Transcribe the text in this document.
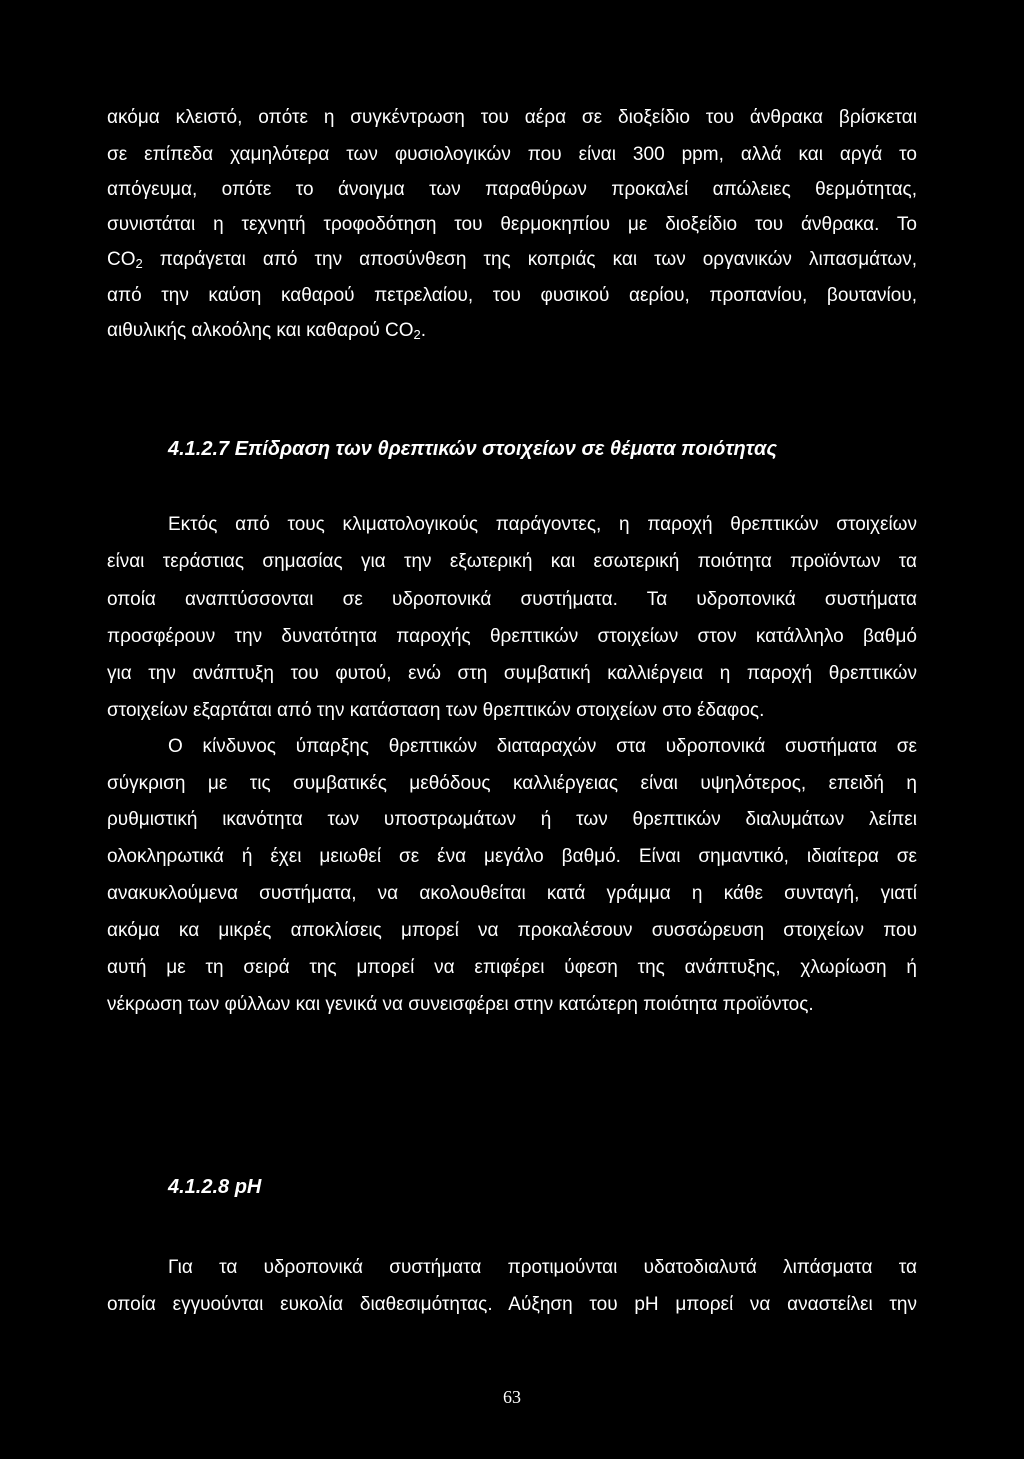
ακόμα κλειστό, οπότε η συγκέντρωση του αέρα σε διοξείδιο του άνθρακα βρίσκεται
σε επίπεδα χαμηλότερα των φυσιολογικών που είναι 300 ppm, αλλά και αργά το
απόγευμα, οπότε το άνοιγμα των παραθύρων προκαλεί απώλειες θερμότητας,
συνιστάται η τεχνητή τροφοδότηση του θερμοκηπίου με διοξείδιο του άνθρακα. Το
$CO_2$ παράγεται από την αποσύνθεση της κοπριάς και των οργανικών λιπασμάτων,
από την καύση καθαρού πετρελαίου, του φυσικού αερίου, προπανίου, βουτανίου,
αιθυλικής αλκοόλης και καθαρού $CO_2$.
4.1.2.7 Επίδραση των θρεπτικών στοιχείων σε θέματα ποιότητας
Εκτός από τους κλιματολογικούς παράγοντες, η παροχή θρεπτικών στοιχείων
είναι τεράστιας σημασίας για την εξωτερική και εσωτερική ποιότητα προϊόντων τα
οποία αναπτύσσονται σε υδροπονικά συστήματα. Τα υδροπονικά συστήματα
προσφέρουν την δυνατότητα παροχής θρεπτικών στοιχείων στον κατάλληλο βαθμό
για την ανάπτυξη του φυτού, ενώ στη συμβατική καλλιέργεια η παροχή θρεπτικών
στοιχείων εξαρτάται από την κατάσταση των θρεπτικών στοιχείων στο έδαφος.
Ο κίνδυνος ύπαρξης θρεπτικών διαταραχών στα υδροπονικά συστήματα σε
σύγκριση με τις συμβατικές μεθόδους καλλιέργειας είναι υψηλότερος, επειδή η
ρυθμιστική ικανότητα των υποστρωμάτων ή των θρεπτικών διαλυμάτων λείπει
ολοκληρωτικά ή έχει μειωθεί σε ένα μεγάλο βαθμό. Είναι σημαντικό, ιδιαίτερα σε
ανακυκλούμενα συστήματα, να ακολουθείται κατά γράμμα η κάθε συνταγή, γιατί
ακόμα κα μικρές αποκλίσεις μπορεί να προκαλέσουν συσσώρευση στοιχείων που
αυτή με τη σειρά της μπορεί να επιφέρει ύφεση της ανάπτυξης, χλωρίωση ή
νέκρωση των φύλλων και γενικά να συνεισφέρει στην κατώτερη ποιότητα προϊόντος.
4.1.2.8 pH
Για τα υδροπονικά συστήματα προτιμούνται υδατοδιαλυτά λιπάσματα τα
οποία εγγυούνται ευκολία διαθεσιμότητας. Αύξηση του pH μπορεί να αναστείλει την
63
